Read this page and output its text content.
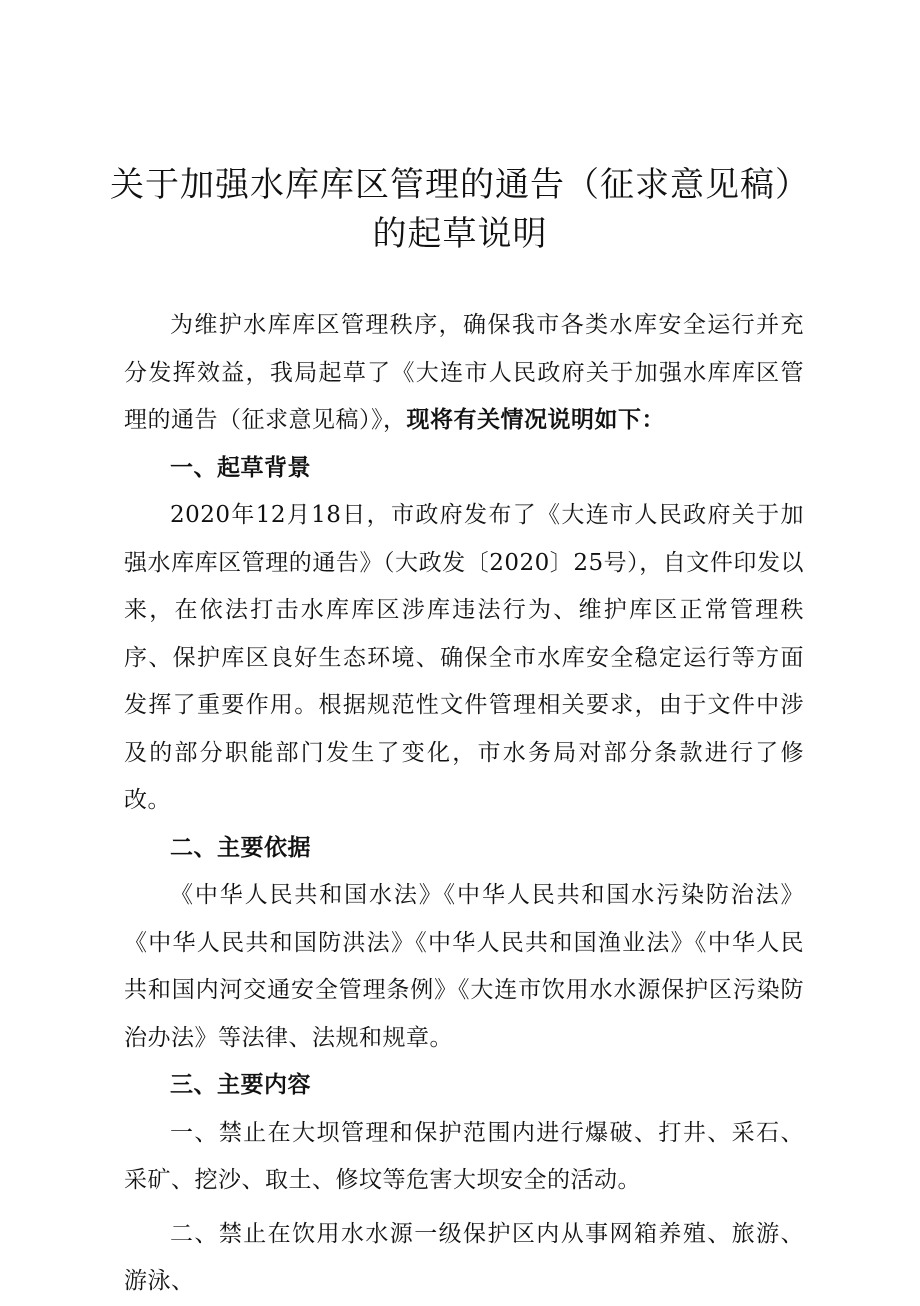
关于加强水库库区管理的通告（征求意见稿）
的起草说明

为维护水库库区管理秩序，确保我市各类水库安全运行并充分发挥效益，我局起草了《大连市人民政府关于加强水库库区管理的通告（征求意见稿）》，现将有关情况说明如下：

一、起草背景

2020年12月18日，市政府发布了《大连市人民政府关于加强水库库区管理的通告》（大政发〔2020〕25号），自文件印发以来，在依法打击水库库区涉库违法行为、维护库区正常管理秩序、保护库区良好生态环境、确保全市水库安全稳定运行等方面发挥了重要作用。根据规范性文件管理相关要求，由于文件中涉及的部分职能部门发生了变化，市水务局对部分条款进行了修改。

二、主要依据

《中华人民共和国水法》《中华人民共和国水污染防治法》《中华人民共和国防洪法》《中华人民共和国渔业法》《中华人民共和国内河交通安全管理条例》《大连市饮用水水源保护区污染防治办法》等法律、法规和规章。

三、主要内容

一、禁止在大坝管理和保护范围内进行爆破、打井、采石、采矿、挖沙、取土、修坟等危害大坝安全的活动。

二、禁止在饮用水水源一级保护区内从事网箱养殖、旅游、游泳、
